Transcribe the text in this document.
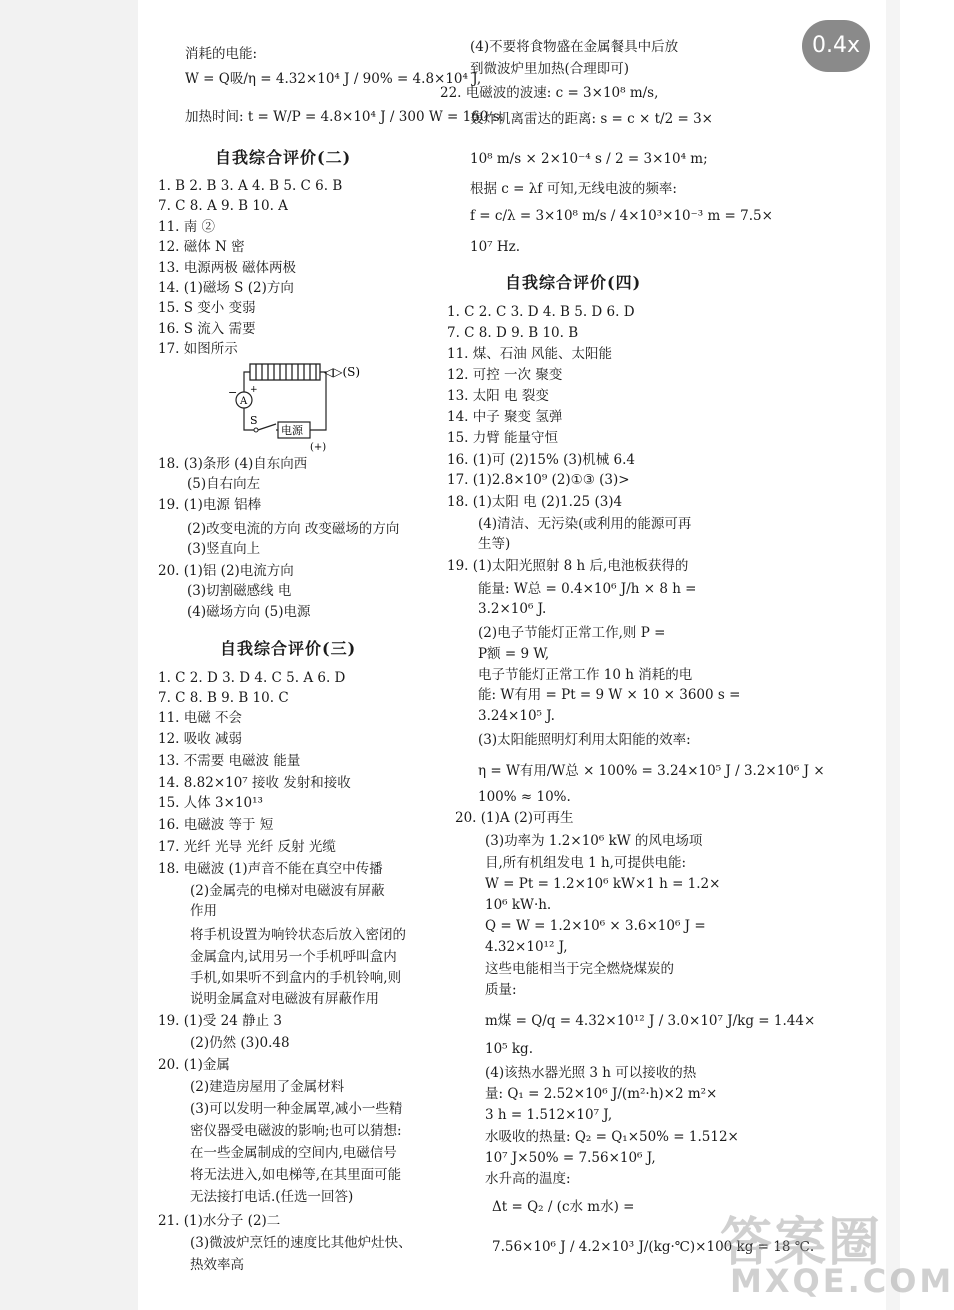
消耗的电能:
W = Q吸/η = 4.32×10⁴ J / 90% = 4.8×10⁴ J,
加热时间: t = W/P = 4.8×10⁴ J / 300 W = 160 s.
1. B 2. B 3. A 4. B 5. C 6. B
7. C 8. A 9. B 10. A
11. 南 ②
12. 磁体 N 密
13. 电源两极 磁体两极
14. (1)磁场 S (2)方向
15. S 变小 变弱
16. S 流入 需要
17. 如图所示
18. (3)条形 (4)自东向西
(5)自右向左
19. (1)电源 铝棒
(2)改变电流的方向 改变磁场的方向
(3)竖直向上
20. (1)铝 (2)电流方向
(3)切割磁感线 电
(4)磁场方向 (5)电源
1. C 2. D 3. D 4. C 5. A 6. D
7. C 8. B 9. B 10. C
11. 电磁 不会
12. 吸收 减弱
13. 不需要 电磁波 能量
14. 8.82×10⁷ 接收 发射和接收
15. 人体 3×10¹³
16. 电磁波 等于 短
17. 光纤 光导 光纤 反射 光缆
18. 电磁波 (1)声音不能在真空中传播
(2)金属壳的电梯对电磁波有屏蔽
作用
将手机设置为响铃状态后放入密闭的
金属盒内,试用另一个手机呼叫盒内
手机,如果听不到盒内的手机铃响,则
说明金属盒对电磁波有屏蔽作用
19. (1)受 24 静止 3
(2)仍然 (3)0.48
20. (1)金属
(2)建造房屋用了金属材料
(3)可以发明一种金属罩,减小一些精
密仪器受电磁波的影响;也可以猜想:
在一些金属制成的空间内,电磁信号
将无法进入,如电梯等,在其里面可能
无法接打电话.(任选一回答)
21. (1)水分子 (2)二
(3)微波炉烹饪的速度比其他炉灶快、
热效率高
(4)不要将食物盛在金属餐具中后放
到微波炉里加热(合理即可)
22. 电磁波的波速: c = 3×10⁸ m/s,
轰炸机离雷达的距离: s = c × t/2 = 3×
10⁸ m/s × 2×10⁻⁴ s / 2 = 3×10⁴ m;
根据 c = λf 可知,无线电波的频率:
f = c/λ = 3×10⁸ m/s / 4×10³×10⁻³ m = 7.5×
10⁷ Hz.
1. C 2. C 3. D 4. B 5. D 6. D
7. C 8. D 9. B 10. B
11. 煤、石油 风能、太阳能
12. 可控 一次 聚变
13. 太阳 电 裂变
14. 中子 聚变 氢弹
15. 力臂 能量守恒
16. (1)可 (2)15% (3)机械 6.4
17. (1)2.8×10⁹ (2)①③ (3)>
18. (1)太阳 电 (2)1.25 (3)4
(4)清洁、无污染(或利用的能源可再
生等)
19. (1)太阳光照射 8 h 后,电池板获得的
能量: W总 = 0.4×10⁶ J/h × 8 h =
3.2×10⁶ J.
(2)电子节能灯正常工作,则 P =
P额 = 9 W,
电子节能灯正常工作 10 h 消耗的电
能: W有用 = Pt = 9 W × 10 × 3600 s =
3.24×10⁵ J.
(3)太阳能照明灯利用太阳能的效率:
η = W有用/W总 × 100% = 3.24×10⁵ J / 3.2×10⁶ J ×
100% ≈ 10%.
20. (1)A (2)可再生
(3)功率为 1.2×10⁶ kW 的风电场项
目,所有机组发电 1 h,可提供电能:
W = Pt = 1.2×10⁶ kW×1 h = 1.2×
10⁶ kW·h.
Q = W = 1.2×10⁶ × 3.6×10⁶ J =
4.32×10¹² J,
这些电能相当于完全燃烧煤炭的
质量:
m煤 = Q/q = 4.32×10¹² J / 3.0×10⁷ J/kg = 1.44×
10⁵ kg.
(4)该热水器光照 3 h 可以接收的热
量: Q₁ = 2.52×10⁶ J/(m²·h)×2 m²×
3 h = 1.512×10⁷ J,
水吸收的热量: Q₂ = Q₁×50% = 1.512×
10⁷ J×50% = 7.56×10⁶ J,
水升高的温度:
Δt = Q₂ / (c水 m水) =
7.56×10⁶ J / 4.2×10³ J/(kg·℃)×100 kg = 18 ℃.
自我综合评价(二)
自我综合评价(三)
自我综合评价(四)
A
− +
S
电源
(+)
◁▷(S)
0.4x
答案圈
MXQE.COM
